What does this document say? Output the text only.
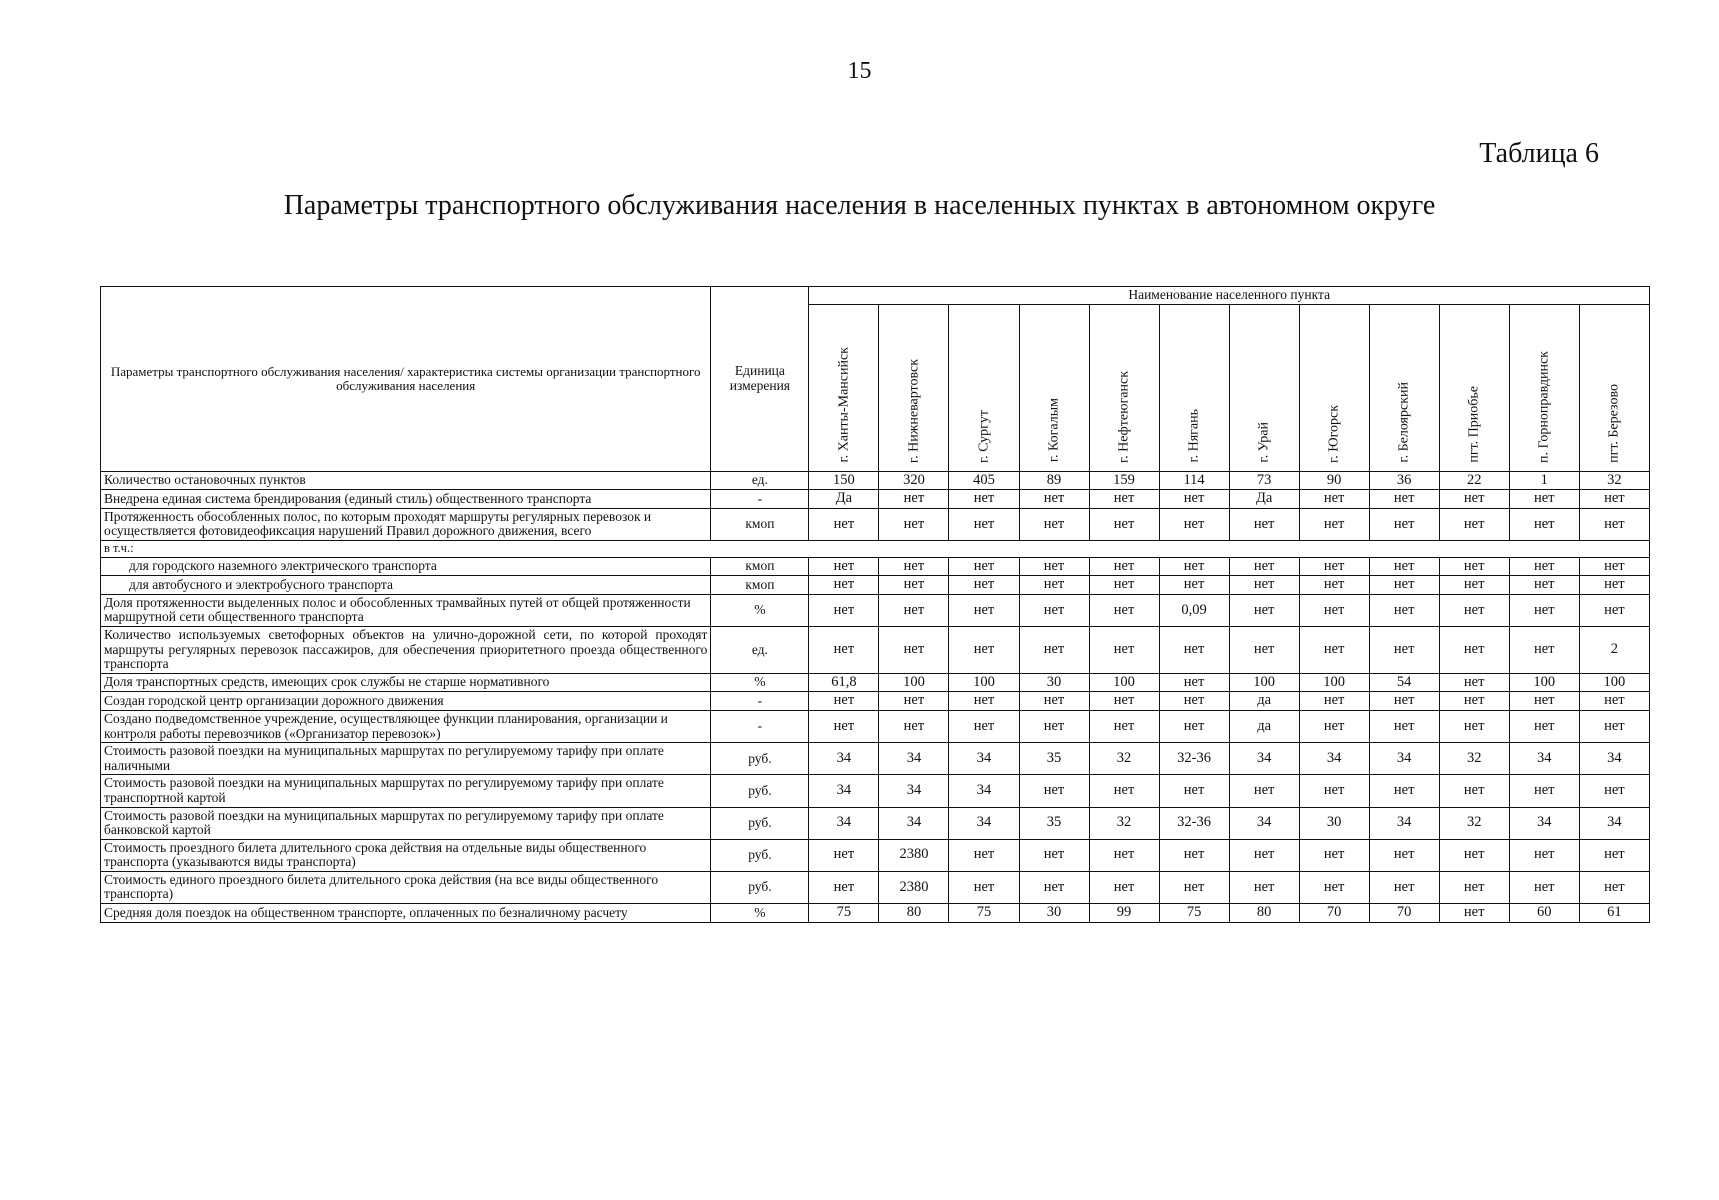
15
Таблица 6
Параметры транспортного обслуживания населения в населенных пунктах в автономном округе
Параметры транспортного обслуживания населения/ характеристика системы организации транспортного обслуживания населения	Единица измерения	Наименование населенного пункта											

		г. Ханты-Мансийск	г. Нижневартовск	г. Сургут	г. Когалым	г. Нефтеюганск	г. Нягань	г. Урай	г. Югорск	г. Белоярский	пгт. Приобье	п. Горноправдинск	пгт. Березово

Количество остановочных пунктов	ед.	150	320	405	89	159	114	73	90	36	22	1	32
Внедрена единая система брендирования (единый стиль) общественного транспорта	-	Да	нет	нет	нет	нет	нет	Да	нет	нет	нет	нет	нет
Протяженность обособленных полос, по которым проходят маршруты регулярных перевозок и осуществляется фотовидеофиксация нарушений Правил дорожного движения, всего	кмоп	нет	нет	нет	нет	нет	нет	нет	нет	нет	нет	нет	нет
в т.ч.:													
для городского наземного электрического транспорта	кмоп	нет	нет	нет	нет	нет	нет	нет	нет	нет	нет	нет	нет
для автобусного и электробусного транспорта	кмоп	нет	нет	нет	нет	нет	нет	нет	нет	нет	нет	нет	нет
Доля протяженности выделенных полос и обособленных трамвайных путей от общей протяженности маршрутной сети общественного транспорта	%	нет	нет	нет	нет	нет	0,09	нет	нет	нет	нет	нет	нет
Количество используемых светофорных объектов на улично-дорожной сети, по которой проходят маршруты регулярных перевозок пассажиров, для обеспечения приоритетного проезда общественного транспорта	ед.	нет	нет	нет	нет	нет	нет	нет	нет	нет	нет	нет	2
Доля транспортных средств, имеющих срок службы не старше нормативного	%	61,8	100	100	30	100	нет	100	100	54	нет	100	100
Создан городской центр организации дорожного движения	-	нет	нет	нет	нет	нет	нет	да	нет	нет	нет	нет	нет
Создано подведомственное учреждение, осуществляющее функции планирования, организации и контроля работы перевозчиков («Организатор перевозок»)	-	нет	нет	нет	нет	нет	нет	да	нет	нет	нет	нет	нет
Стоимость разовой поездки на муниципальных маршрутах по регулируемому тарифу при оплате наличными	руб.	34	34	34	35	32	32-36	34	34	34	32	34	34
Стоимость разовой поездки на муниципальных маршрутах по регулируемому тарифу при оплате транспортной картой	руб.	34	34	34	нет	нет	нет	нет	нет	нет	нет	нет	нет
Стоимость разовой поездки на муниципальных маршрутах по регулируемому тарифу при оплате банковской картой	руб.	34	34	34	35	32	32-36	34	30	34	32	34	34
Стоимость проездного билета длительного срока действия на отдельные виды общественного транспорта (указываются виды транспорта)	руб.	нет	2380	нет	нет	нет	нет	нет	нет	нет	нет	нет	нет
Стоимость единого проездного билета длительного срока действия (на все виды общественного транспорта)	руб.	нет	2380	нет	нет	нет	нет	нет	нет	нет	нет	нет	нет
Средняя доля поездок на общественном транспорте, оплаченных по безналичному расчету	%	75	80	75	30	99	75	80	70	70	нет	60	61
